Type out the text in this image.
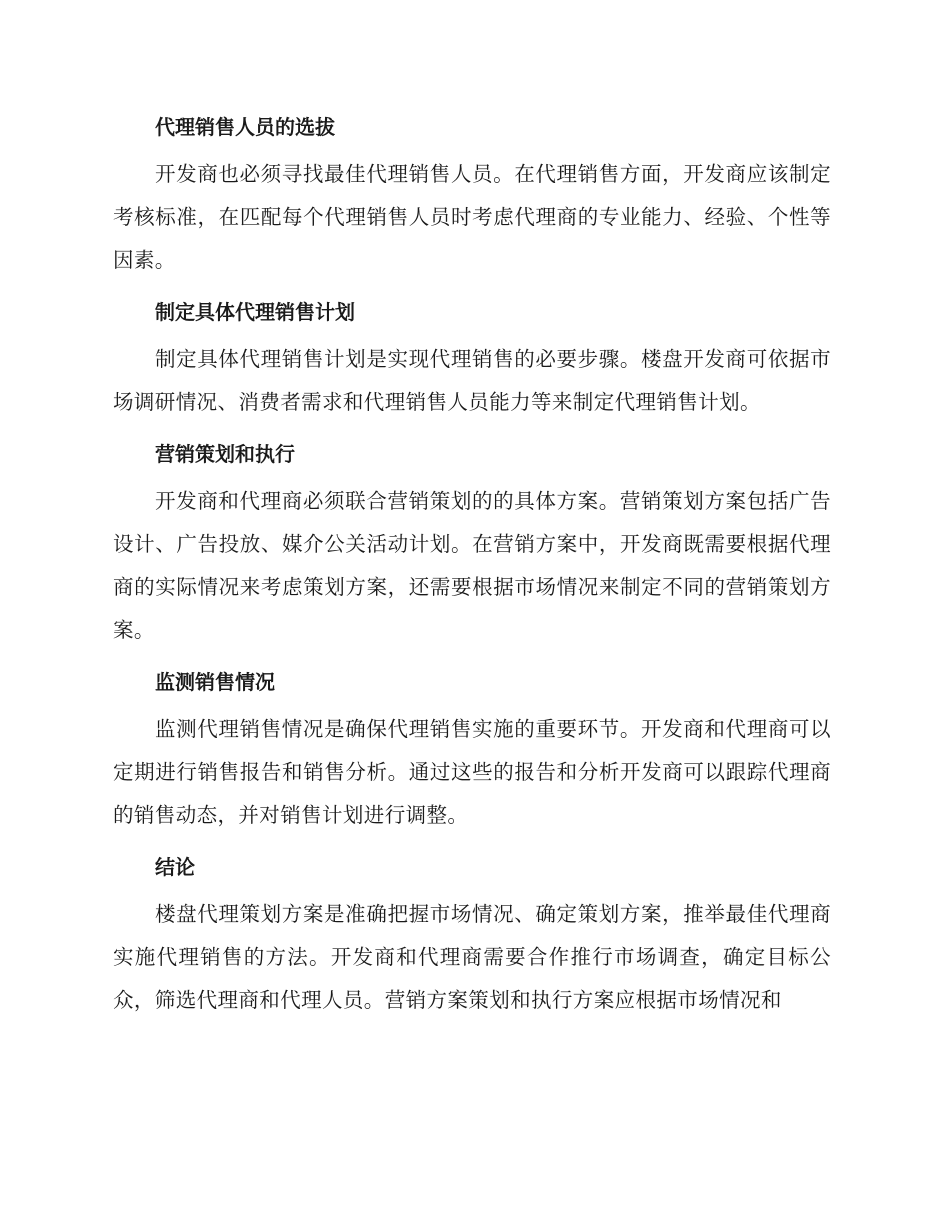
代理销售人员的选拔

开发商也必须寻找最佳代理销售人员。在代理销售方面，开发商应该制定考核标准，在匹配每个代理销售人员时考虑代理商的专业能力、经验、个性等因素。

制定具体代理销售计划

制定具体代理销售计划是实现代理销售的必要步骤。楼盘开发商可依据市场调研情况、消费者需求和代理销售人员能力等来制定代理销售计划。

营销策划和执行

开发商和代理商必须联合营销策划的的具体方案。营销策划方案包括广告设计、广告投放、媒介公关活动计划。在营销方案中，开发商既需要根据代理商的实际情况来考虑策划方案，还需要根据市场情况来制定不同的营销策划方案。

监测销售情况

监测代理销售情况是确保代理销售实施的重要环节。开发商和代理商可以定期进行销售报告和销售分析。通过这些的报告和分析开发商可以跟踪代理商的销售动态，并对销售计划进行调整。

结论

楼盘代理策划方案是准确把握市场情况、确定策划方案，推举最佳代理商实施代理销售的方法。开发商和代理商需要合作推行市场调查，确定目标公众，筛选代理商和代理人员。营销方案策划和执行方案应根据市场情况和
